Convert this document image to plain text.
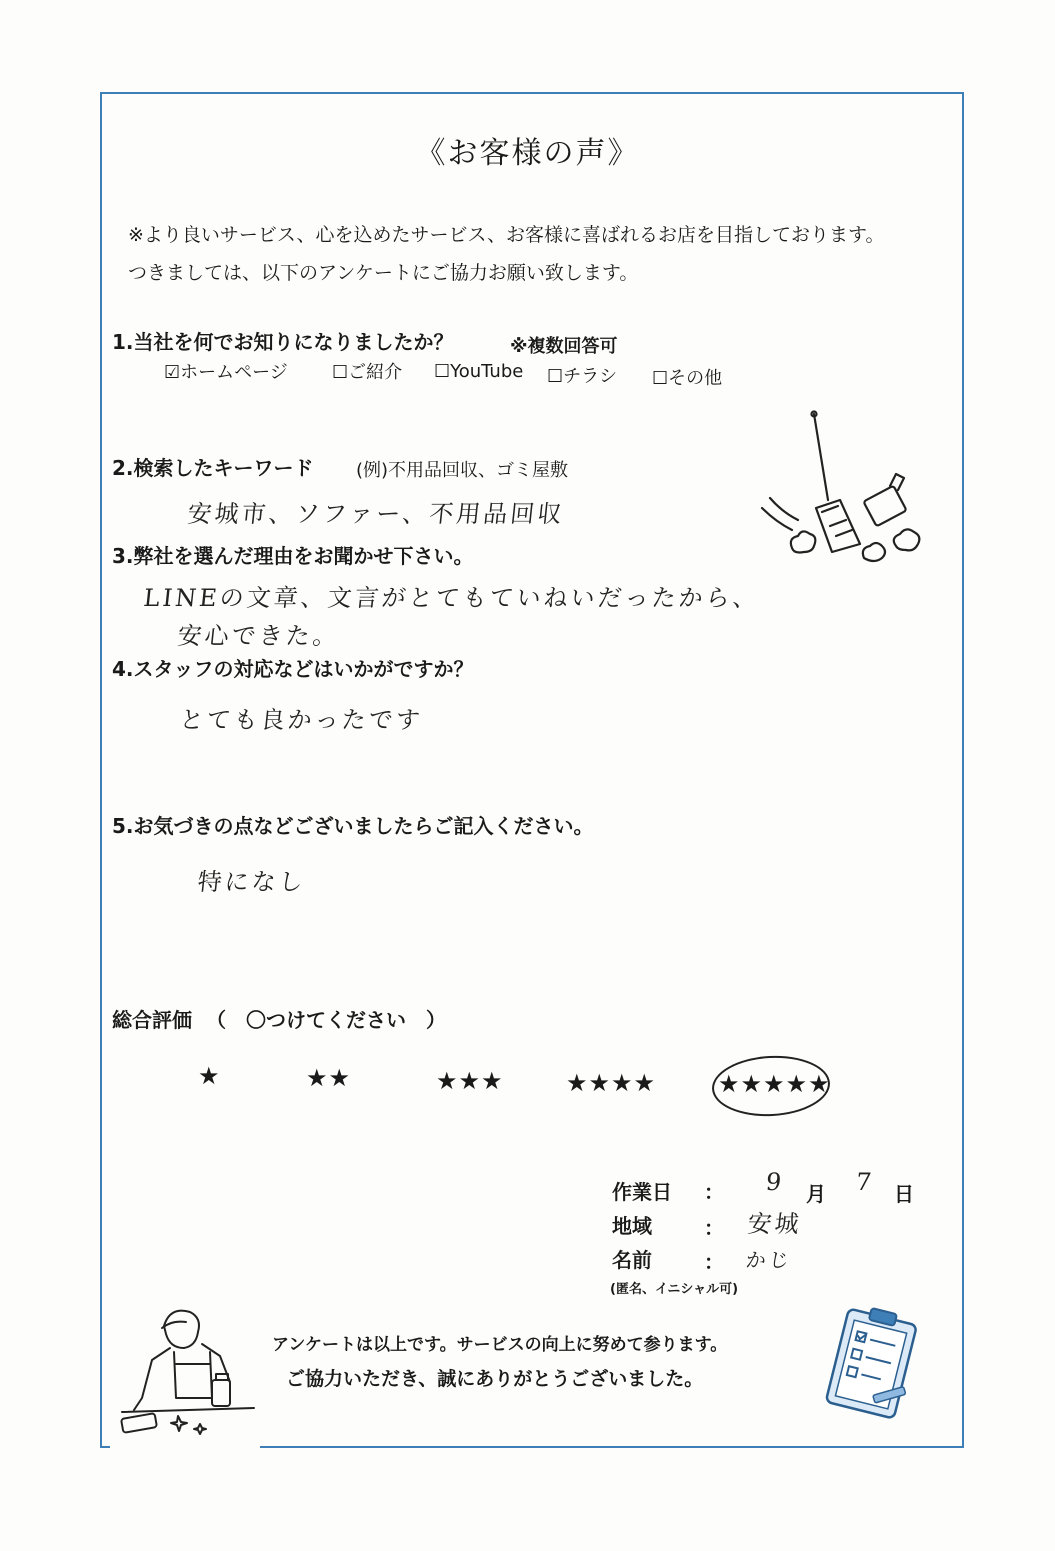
《お客様の声》
※より良いサービス、心を込めたサービス、お客様に喜ばれるお店を目指しております。
つきましては、以下のアンケートにご協力お願い致します。
1.当社を何でお知りになりましたか？	※複数回答可
☑ホームページ ☐ご紹介 ☐YouTube ☐チラシ ☐その他
2.検索したキーワード (例)不用品回収、ゴミ屋敷
安城市、ソファー、不用品回収
3.弊社を選んだ理由をお聞かせ下さい。
LINEの文章、文言がとてもていねいだったから、
安心できた。
4.スタッフの対応などはいかがですか？
とても良かったです
5.お気づきの点などございましたらご記入ください。
特になし
総合評価 （　〇つけてください　）
★	★★	★★★	★★★★	★★★★★
作業日 ： 9 月 7 日
地域	： 安城
名前	： かじ
(匿名、イニシャル可)
アンケートは以上です。サービスの向上に努めて参ります。
ご協力いただき、誠にありがとうございました。
